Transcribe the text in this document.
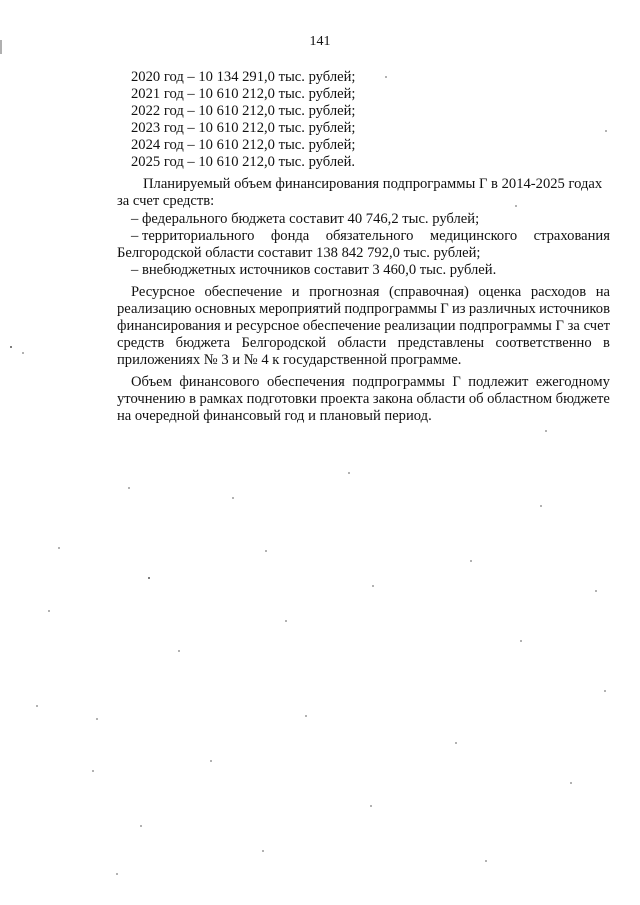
141
2020 год – 10 134 291,0 тыс. рублей;
2021 год – 10 610 212,0 тыс. рублей;
2022 год – 10 610 212,0 тыс. рублей;
2023 год – 10 610 212,0 тыс. рублей;
2024 год – 10 610 212,0 тыс. рублей;
2025 год – 10 610 212,0 тыс. рублей.
Планируемый объем финансирования подпрограммы Г в 2014-2025 годах
за счет средств:
– федерального бюджета составит 40 746,2 тыс. рублей;
– территориального фонда обязательного медицинского страхования
Белгородской области составит 138 842 792,0 тыс. рублей;
– внебюджетных источников составит 3 460,0 тыс. рублей.
Ресурсное обеспечение и прогнозная (справочная) оценка расходов на
реализацию основных мероприятий подпрограммы Г из различных источников
финансирования и ресурсное обеспечение реализации подпрограммы Г за счет
средств бюджета Белгородской области представлены соответственно в
приложениях № 3 и № 4 к государственной программе.
Объем финансового обеспечения подпрограммы Г подлежит ежегодному
уточнению в рамках подготовки проекта закона области об областном бюджете
на очередной финансовый год и плановый период.
